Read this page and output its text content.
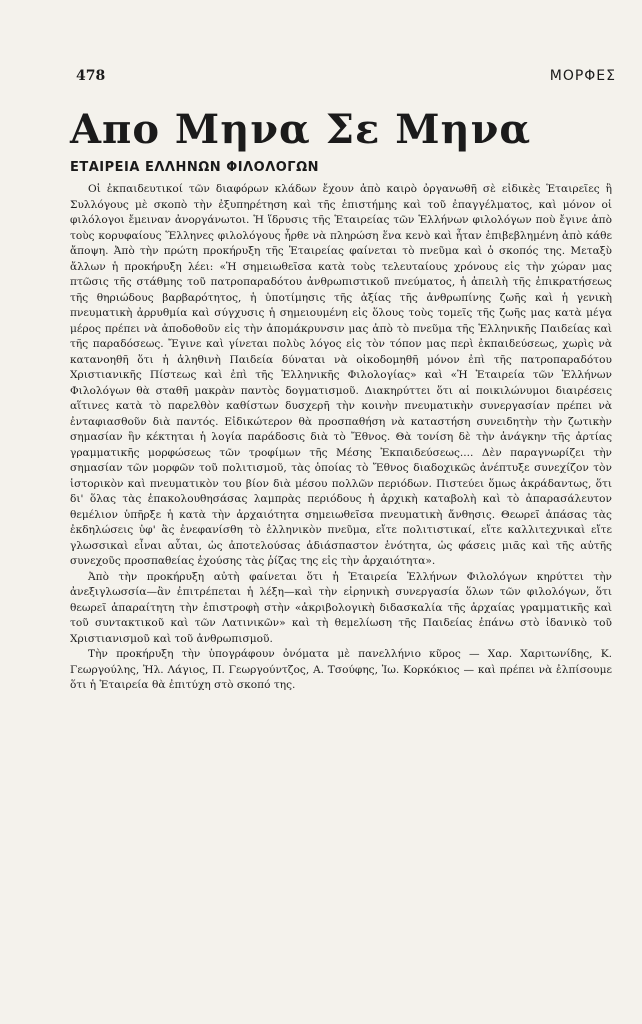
478	ΜΟΡΦΕΣ
Απο Μηνα Σε Μηνα
ΕΤΑΙΡΕΙΑ ΕΛΛΗΝΩΝ ΦΙΛΟΛΟΓΩΝ

Οἱ ἐκπαιδευτικοί τῶν διαφόρων κλάδων ἔχουν ἀπὸ καιρὸ ὀργανωθῆ σὲ εἰδικὲς Ἑταιρεῖες ἢ Συλλόγους μὲ σκοπὸ τὴν ἐξυπηρέτηση καὶ τῆς ἐπιστήμης καὶ τοῦ ἐπαγγέλματος, καὶ μόνον οἱ φιλόλογοι ἔμειναν ἀνοργάνωτοι. Ἡ ἵδρυσις τῆς Ἑταιρείας τῶν Ἑλλήνων φιλολόγων ποὺ ἔγινε ἀπὸ τοὺς κορυφαίους Ἕλληνες φιλολόγους ἦρθε νὰ πληρώση ἕνα κενὸ καὶ ἦταν ἐπιβεβλημένη ἀπὸ κάθε ἄποψη. Ἀπὸ τὴν πρώτη προκήρυξη τῆς Ἑταιρείας φαίνεται τὸ πνεῦμα καὶ ὁ σκοπός της. Μεταξὺ ἄλλων ἡ προκήρυξη λέει: «Ἡ σημειωθεῖσα κατὰ τοὺς τελευταίους χρόνους εἰς τὴν χώραν μας πτῶσις τῆς στάθμης τοῦ πατροπαραδότου ἀνθρωπιστικοῦ πνεύματος, ἡ ἀπειλὴ τῆς ἐπικρατήσεως τῆς θηριώδους βαρβαρότητος, ἡ ὑποτίμησις τῆς ἀξίας τῆς ἀνθρωπίνης ζωῆς καὶ ἡ γενικὴ πνευματικὴ ἀρρυθμία καὶ σύγχυσις ἡ σημειουμένη εἰς ὅλους τοὺς τομεῖς τῆς ζωῆς μας κατὰ μέγα μέρος πρέπει νὰ ἀποδοθοῦν εἰς τὴν ἀπομάκρυνσιν μας ἀπὸ τὸ πνεῦμα τῆς Ἑλληνικῆς Παιδείας καὶ τῆς παραδόσεως. Ἔγινε καὶ γίνεται πολὺς λόγος εἰς τὸν τόπον μας περὶ ἐκπαιδεύσεως, χωρὶς νὰ κατανοηθῆ ὅτι ἡ ἀληθινὴ Παιδεία δύναται νὰ οἰκοδομηθῆ μόνον ἐπὶ τῆς πατροπαραδότου Χριστιανικῆς Πίστεως καὶ ἐπὶ τῆς Ἑλληνικῆς Φιλολογίας» καὶ «Ἡ Ἑταιρεία τῶν Ἑλλήνων Φιλολόγων θὰ σταθῆ μακρὰν παντὸς δογματισμοῦ. Διακηρύττει ὅτι αἱ ποικιλώνυμοι διαιρέσεις αἵτινες κατὰ τὸ παρελθὸν καθίστων δυσχερῆ τὴν κοινὴν πνευματικὴν συνεργασίαν πρέπει νὰ ἐνταφιασθοῦν διὰ παντός. Εἰδικώτερον θὰ προσπαθήση νὰ καταστήση συνειδητὴν τὴν ζωτικὴν σημασίαν ἣν κέκτηται ἡ λογία παράδοσις διὰ τὸ Ἔθνος. Θὰ τονίση δὲ τὴν ἀνάγκην τῆς ἀρτίας γραμματικῆς μορφώσεως τῶν τροφίμων τῆς Μέσης Ἐκπαιδεύσεως.... Δὲν παραγνωρίζει τὴν σημασίαν τῶν μορφῶν τοῦ πολιτισμοῦ, τὰς ὁποίας τὸ Ἔθνος διαδοχικῶς ἀνέπτυξε συνεχίζον τὸν ἱστορικὸν καὶ πνευματικὸν του βίον διὰ μέσου πολλῶν περιόδων. Πιστεύει ὅμως ἀκράδαντως, ὅτι δι' ὅλας τὰς ἐπακολουθησάσας λαμπρὰς περιόδους ἡ ἀρχικὴ καταβολὴ καὶ τὸ ἀπαρασάλευτον θεμέλιον ὑπῆρξε ἡ κατὰ τὴν ἀρχαιότητα σημειωθεῖσα πνευματικὴ ἄνθησις. Θεωρεῖ ἁπάσας τὰς ἐκδηλώσεις ὑφ' ἃς ἐνεφανίσθη τὸ ἑλληνικὸν πνεῦμα, εἴτε πολιτιστικαί, εἴτε καλλιτεχνικαὶ εἴτε γλωσσικαὶ εἶναι αὗται, ὡς ἀποτελούσας ἀδιάσπαστον ἑνότητα, ὡς φάσεις μιᾶς καὶ τῆς αὐτῆς συνεχοῦς προσπαθείας ἐχούσης τὰς ῥίζας της εἰς τὴν ἀρχαιότητα».

Ἀπὸ τὴν προκήρυξη αὐτὴ φαίνεται ὅτι ἡ Ἑταιρεία Ἑλλήνων Φιλολόγων κηρύττει τὴν ἀνεξιγλωσσία—ἂν ἐπιτρέπεται ἡ λέξη—καὶ τὴν εἰρηνικὴ συνεργασία ὅλων τῶν φιλολόγων, ὅτι θεωρεῖ ἀπαραίτητη τὴν ἐπιστροφὴ στὴν «ἀκριβολογικὴ διδασκαλία τῆς ἀρχαίας γραμματικῆς καὶ τοῦ συντακτικοῦ καὶ τῶν Λατινικῶν» καὶ τὴ θεμελίωση τῆς Παιδείας ἐπάνω στὸ ἰδανικὸ τοῦ Χριστιανισμοῦ καὶ τοῦ ἀνθρωπισμοῦ.

Τὴν προκήρυξη τὴν ὑπογράφουν ὀνόματα μὲ πανελλήνιο κῦρος — Χαρ. Χαριτωνίδης, Κ. Γεωργούλης, Ἠλ. Λάγιος, Π. Γεωργούντζος, Α. Τσούφης, Ἰω. Κορκόκιος — καὶ πρέπει νὰ ἐλπίσουμε ὅτι ἡ Ἑταιρεία θὰ ἐπιτύχη στὸ σκοπό της.
